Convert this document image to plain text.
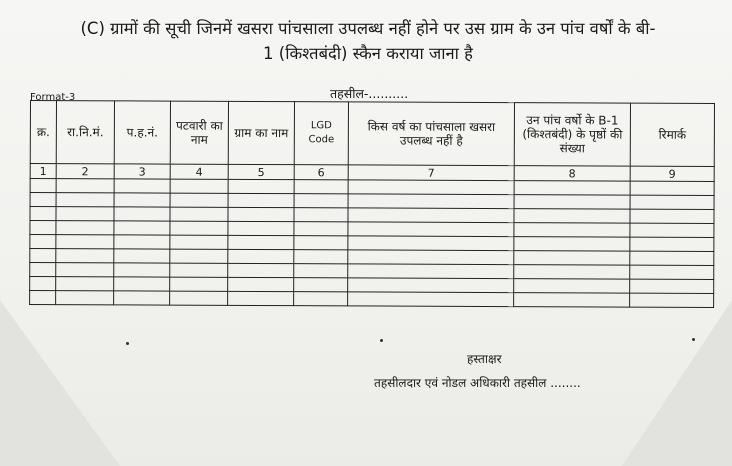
(C) ग्रामों की सूची जिनमें खसरा पांचसाला उपलब्ध नहीं होने पर उस ग्राम के उन पांच वर्षों के बी-
1 (किश्तबंदी) स्कैन कराया जाना है
Format-3	तहसील-..........
क्र.	रा.नि.मं.	प.ह.नं.	पटवारी का नाम	ग्राम का नाम	LGD Code	किस वर्ष का पांचसाला खसरा उपलब्ध नहीं है	उन पांच वर्षो के B-1 (किश्तबंदी) के पृष्ठों की संख्या	रिमार्क
1	2	3	4	5	6	7	8	9

हस्ताक्षर
तहसीलदार एवं नोडल अधिकारी तहसील ........
